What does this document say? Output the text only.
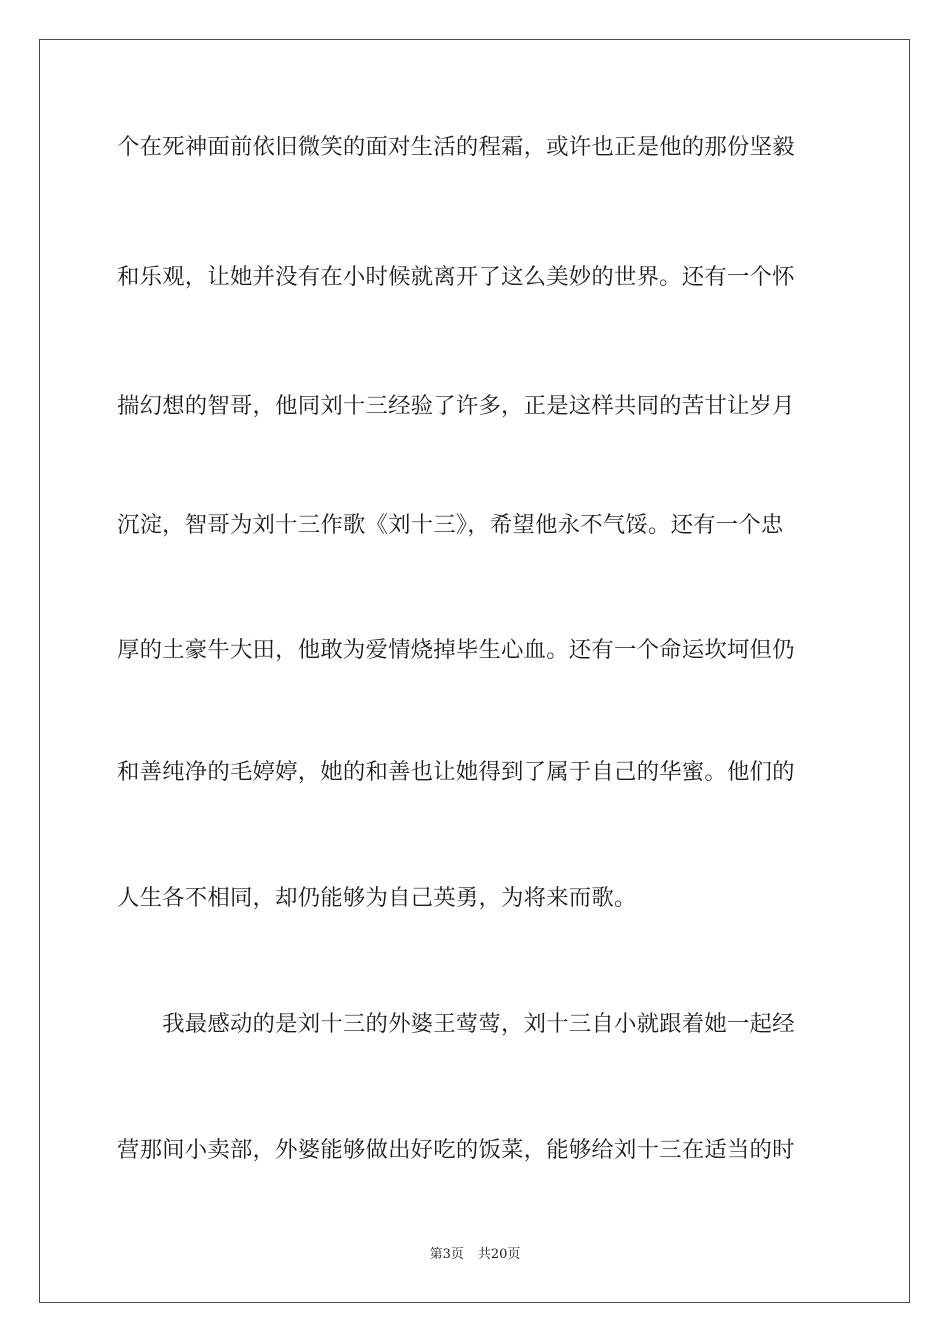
个在死神面前依旧微笑的面对生活的程霜，或许也正是他的那份坚毅
和乐观，让她并没有在小时候就离开了这么美妙的世界。还有一个怀
揣幻想的智哥，他同刘十三经验了许多，正是这样共同的苦甘让岁月
沉淀，智哥为刘十三作歌《刘十三》，希望他永不气馁。还有一个忠
厚的土豪牛大田，他敢为爱情烧掉毕生心血。还有一个命运坎坷但仍
和善纯净的毛婷婷，她的和善也让她得到了属于自己的华蜜。他们的
人生各不相同，却仍能够为自己英勇，为将来而歌。
　　我最感动的是刘十三的外婆王莺莺，刘十三自小就跟着她一起经
营那间小卖部，外婆能够做出好吃的饭菜，能够给刘十三在适当的时
第3页 共20页
